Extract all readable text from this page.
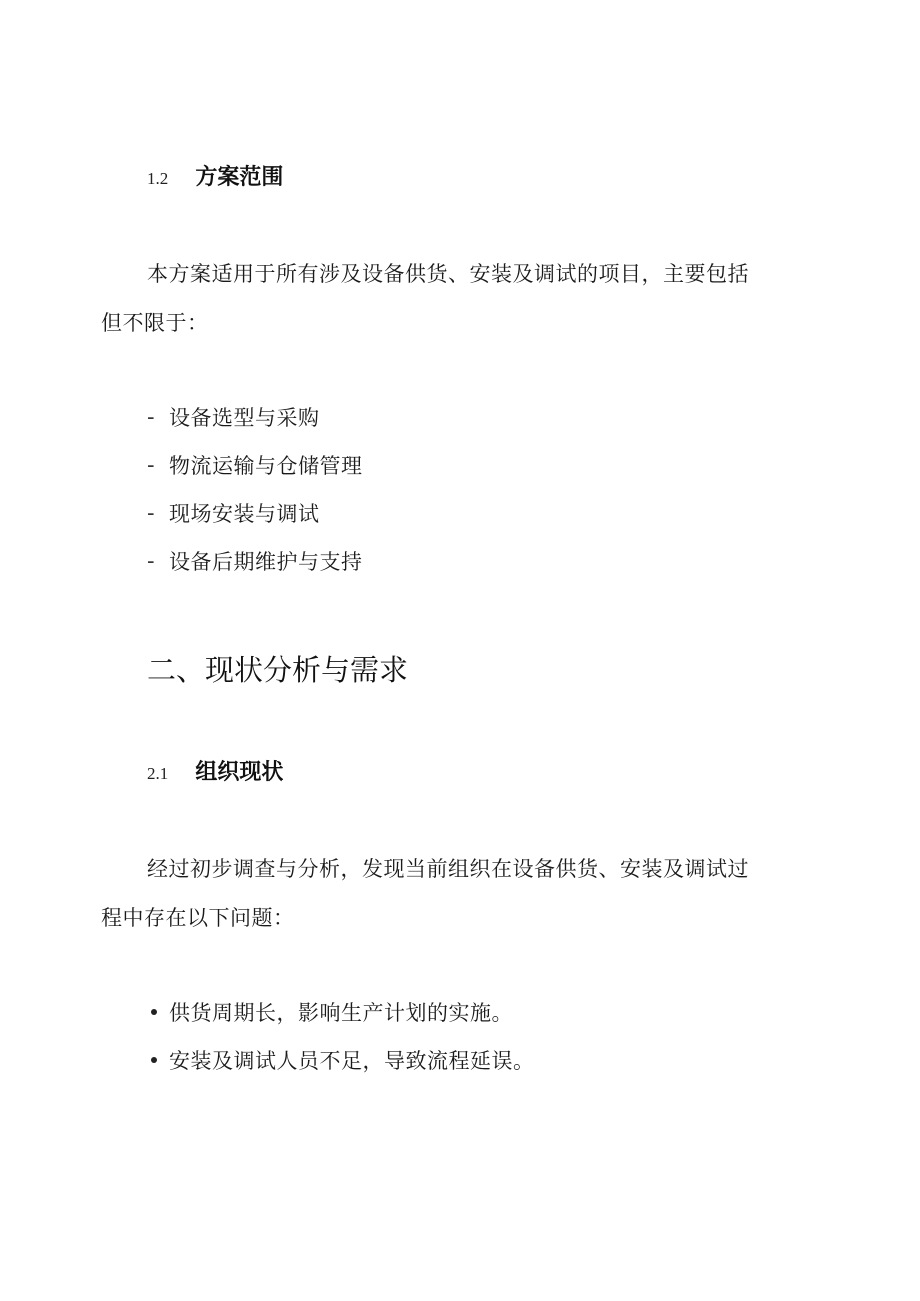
1.2 方案范围
本方案适用于所有涉及设备供货、安装及调试的项目，主要包括
但不限于：
- 设备选型与采购
- 物流运输与仓储管理
- 现场安装与调试
- 设备后期维护与支持
二、现状分析与需求
2.1 组织现状
经过初步调查与分析，发现当前组织在设备供货、安装及调试过
程中存在以下问题：
供货周期长，影响生产计划的实施。
安装及调试人员不足，导致流程延误。
